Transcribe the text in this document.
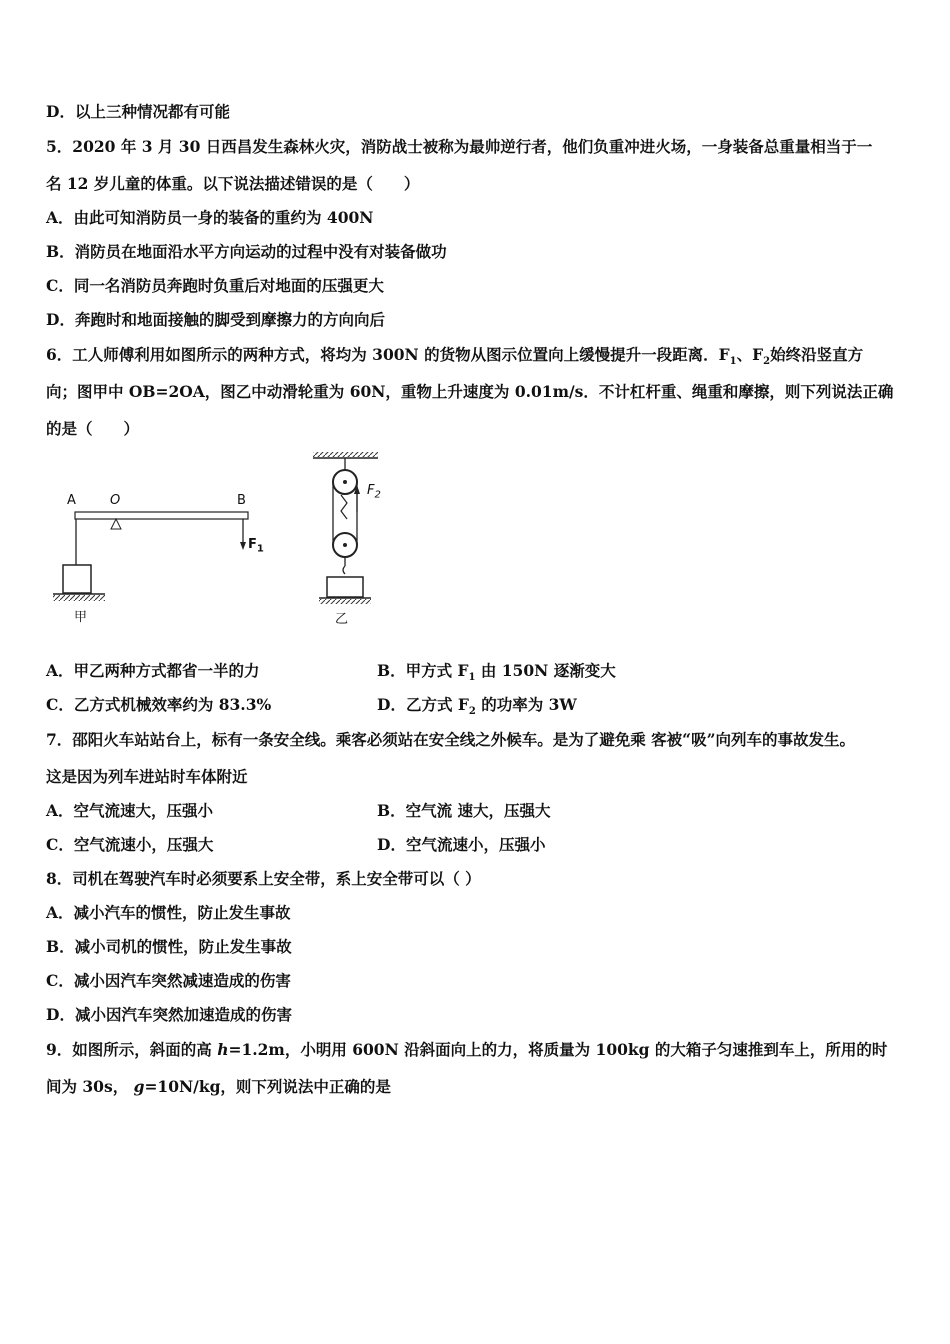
D．以上三种情况都有可能
5．2020 年 3 月 30 日西昌发生森林火灾，消防战士被称为最帅逆行者，他们负重冲进火场，一身装备总重量相当于一
名 12 岁儿童的体重。以下说法描述错误的是（　　）
A．由此可知消防员一身的装备的重约为 400N
B．消防员在地面沿水平方向运动的过程中没有对装备做功
C．同一名消防员奔跑时负重后对地面的压强更大
D．奔跑时和地面接触的脚受到摩擦力的方向向后
6．工人师傅利用如图所示的两种方式，将均为 300N 的货物从图示位置向上缓慢提升一段距离．$F_1$、$F_2$始终沿竖直方
向；图甲中 OB=2OA，图乙中动滑轮重为 60N，重物上升速度为 0.01m/s．不计杠杆重、绳重和摩擦，则下列说法正确
的是（　　）
A	O	B
$F_1$
甲
$F_2$
乙
A．甲乙两种方式都省一半的力	B．甲方式 $F_1$ 由 150N 逐渐变大
C．乙方式机械效率约为 83.3%	D．乙方式 $F_2$ 的功率为 3W
7．邵阳火车站站台上，标有一条安全线。乘客必须站在安全线之外候车。是为了避免乘 客被“吸”向列车的事故发生。
这是因为列车进站时车体附近
A．空气流速大，压强小	B．空气流 速大，压强大
C．空气流速小，压强大	D．空气流速小，压强小
8．司机在驾驶汽车时必须要系上安全带，系上安全带可以（ ）
A．减小汽车的惯性，防止发生事故
B．减小司机的惯性，防止发生事故
C．减小因汽车突然减速造成的伤害
D．减小因汽车突然加速造成的伤害
9．如图所示，斜面的高 h=1.2m，小明用 600N 沿斜面向上的力，将质量为 100kg 的大箱子匀速推到车上，所用的时
间为 30s， g=10N/kg，则下列说法中正确的是
